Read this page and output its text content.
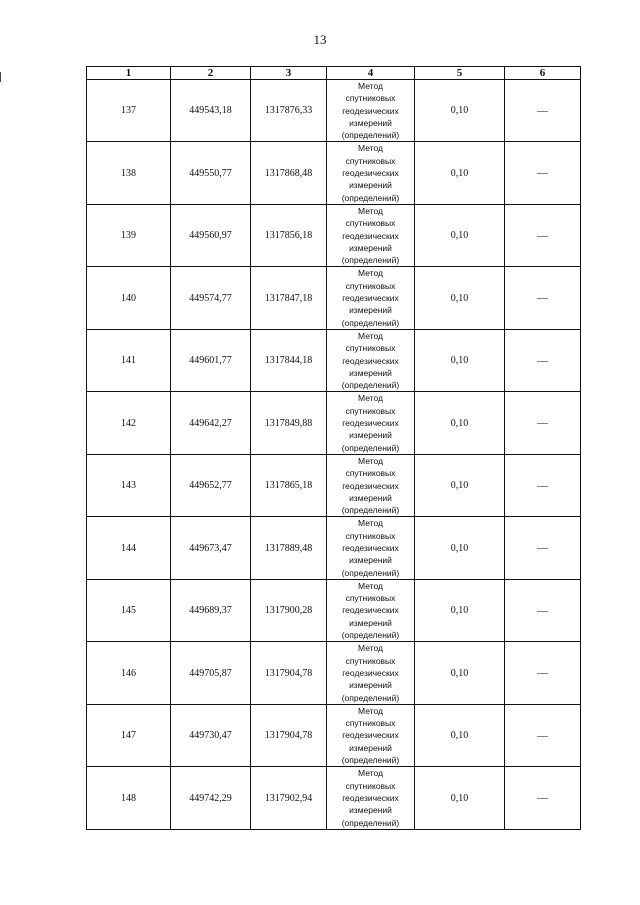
13
1	2	3	4	5	6
137	449543,18	1317876,33	Метод
спутниковых
геодезических
измерений
(определений)	0,10	—
138	449550,77	1317868,48	Метод
спутниковых
геодезических
измерений
(определений)	0,10	—
139	449560,97	1317856,18	Метод
спутниковых
геодезических
измерений
(определений)	0,10	—
140	449574,77	1317847,18	Метод
спутниковых
геодезических
измерений
(определений)	0,10	—
141	449601,77	1317844,18	Метод
спутниковых
геодезических
измерений
(определений)	0,10	—
142	449642,27	1317849,88	Метод
спутниковых
геодезических
измерений
(определений)	0,10	—
143	449652,77	1317865,18	Метод
спутниковых
геодезических
измерений
(определений)	0,10	—
144	449673,47	1317889,48	Метод
спутниковых
геодезических
измерений
(определений)	0,10	—
145	449689,37	1317900,28	Метод
спутниковых
геодезических
измерений
(определений)	0,10	—
146	449705,87	1317904,78	Метод
спутниковых
геодезических
измерений
(определений)	0,10	—
147	449730,47	1317904,78	Метод
спутниковых
геодезических
измерений
(определений)	0,10	—
148	449742,29	1317902,94	Метод
спутниковых
геодезических
измерений
(определений)	0,10	—
